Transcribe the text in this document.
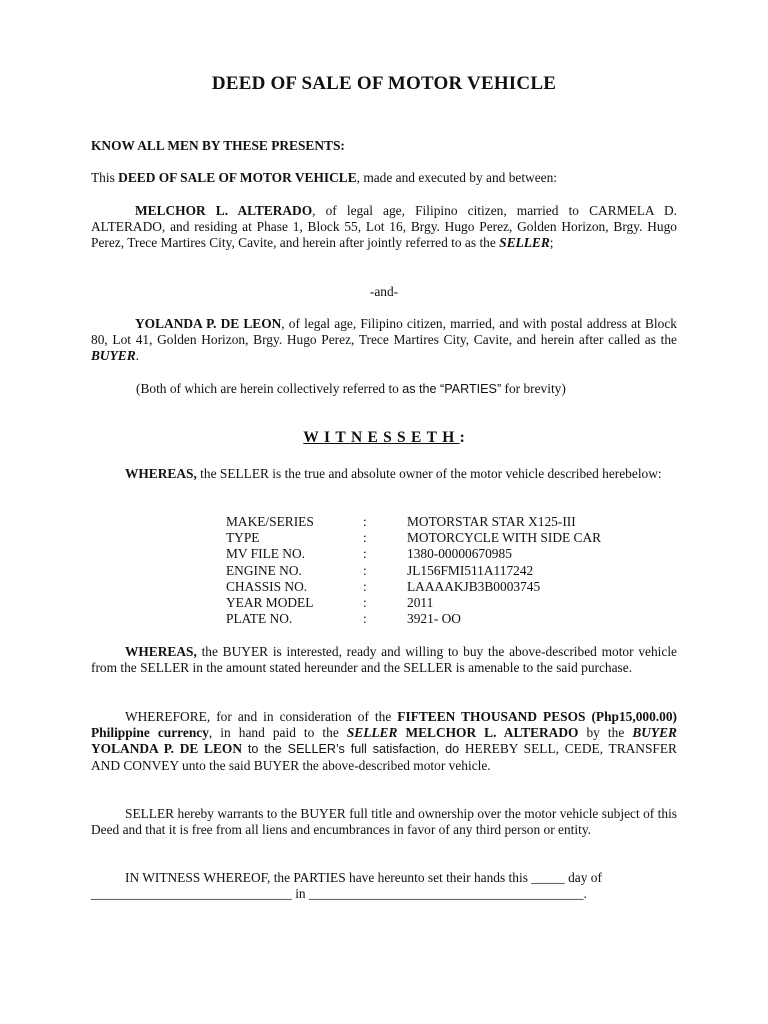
DEED OF SALE OF MOTOR VEHICLE
KNOW ALL MEN BY THESE PRESENTS:
This DEED OF SALE OF MOTOR VEHICLE, made and executed by and between:
MELCHOR L. ALTERADO, of legal age, Filipino citizen, married to CARMELA D. ALTERADO, and residing at Phase 1, Block 55, Lot 16, Brgy. Hugo Perez, Golden Horizon, Brgy. Hugo Perez, Trece Martires City, Cavite, and herein after jointly referred to as the SELLER;
-and-
YOLANDA P. DE LEON, of legal age, Filipino citizen, married, and with postal address at Block 80, Lot 41, Golden Horizon, Brgy. Hugo Perez, Trece Martires City, Cavite, and herein after called as the BUYER.
(Both of which are herein collectively referred to as the “PARTIES” for brevity)
WITNESSETH:
WHEREAS, the SELLER is the true and absolute owner of the motor vehicle described herebelow:
MAKE/SERIES	:	MOTORSTAR STAR X125-III
TYPE	:	MOTORCYCLE WITH SIDE CAR
MV FILE NO.	:	1380-00000670985
ENGINE NO.	:	JL156FMI511A117242
CHASSIS NO.	:	LAAAAKJB3B0003745
YEAR MODEL	:	2011
PLATE NO.	:	3921- OO
WHEREAS, the BUYER is interested, ready and willing to buy the above-described motor vehicle from the SELLER in the amount stated hereunder and the SELLER is amenable to the said purchase.
WHEREFORE, for and in consideration of the FIFTEEN THOUSAND PESOS (Php15,000.00) Philippine currency, in hand paid to the SELLER MELCHOR L. ALTERADO by the BUYER YOLANDA P. DE LEON to the SELLER’s full satisfaction, do HEREBY SELL, CEDE, TRANSFER AND CONVEY unto the said BUYER the above-described motor vehicle.
SELLER hereby warrants to the BUYER full title and ownership over the motor vehicle subject of this Deed and that it is free from all liens and encumbrances in favor of any third person or entity.
IN WITNESS WHEREOF, the PARTIES have hereunto set their hands this _____ day of
______________________________ in _________________________________________.
